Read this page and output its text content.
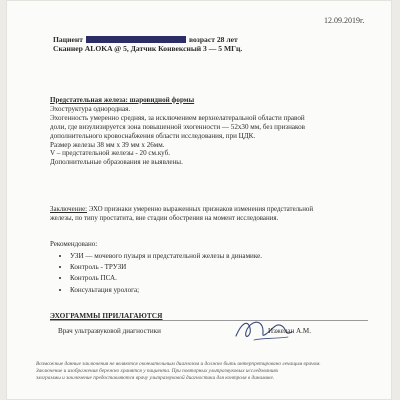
12.09.2019г.
Пациент	возраст 28 лет
Сканнер ALOKA @ 5, Датчик Конвексный 3 — 5 МГц.

Предстательная железа: шаровидной формы

Эхоструктура однородная.

Эхогенность умеренно средняя, за исключением верхнелатеральной области правой

доли, где визулизируется зона повышенной эхогенности — 52х30 мм, без признаков

дополнительного кровоснабжения области исследования, при ЦДК.

Размер железы 38 мм х 39 мм х 26мм.

V – предстательной железы - 20 см.куб.

Дополнительные образования не выявлены.

Заключение: ЭХО признаки умеренно выраженных признаков изменения предстательной

железы, по типу простатита, вне стадии обострения на момент исследования.

Рекомендовано:
• УЗИ — мочевого пузыря и предстательной железы в динамике.
• Контроль - ТРУЗИ
• Контроль ПСА.
• Консультация уролога;
ЭХОГРАММЫ ПРИЛАГАЮТСЯ
Врач ультразвуковой диагностики	Изжелан А.М.
Возможные данные заключения не являются окончательным диагнозом и должно быть интерпретировано лечащим врачом.
Заключение и изображения бережно хранятся у пациента. При повторных ультразвуковых исследованиях
эхограммы и заключение предоставляются врачу ультразвуковой диагностики для контроля в динамике.
